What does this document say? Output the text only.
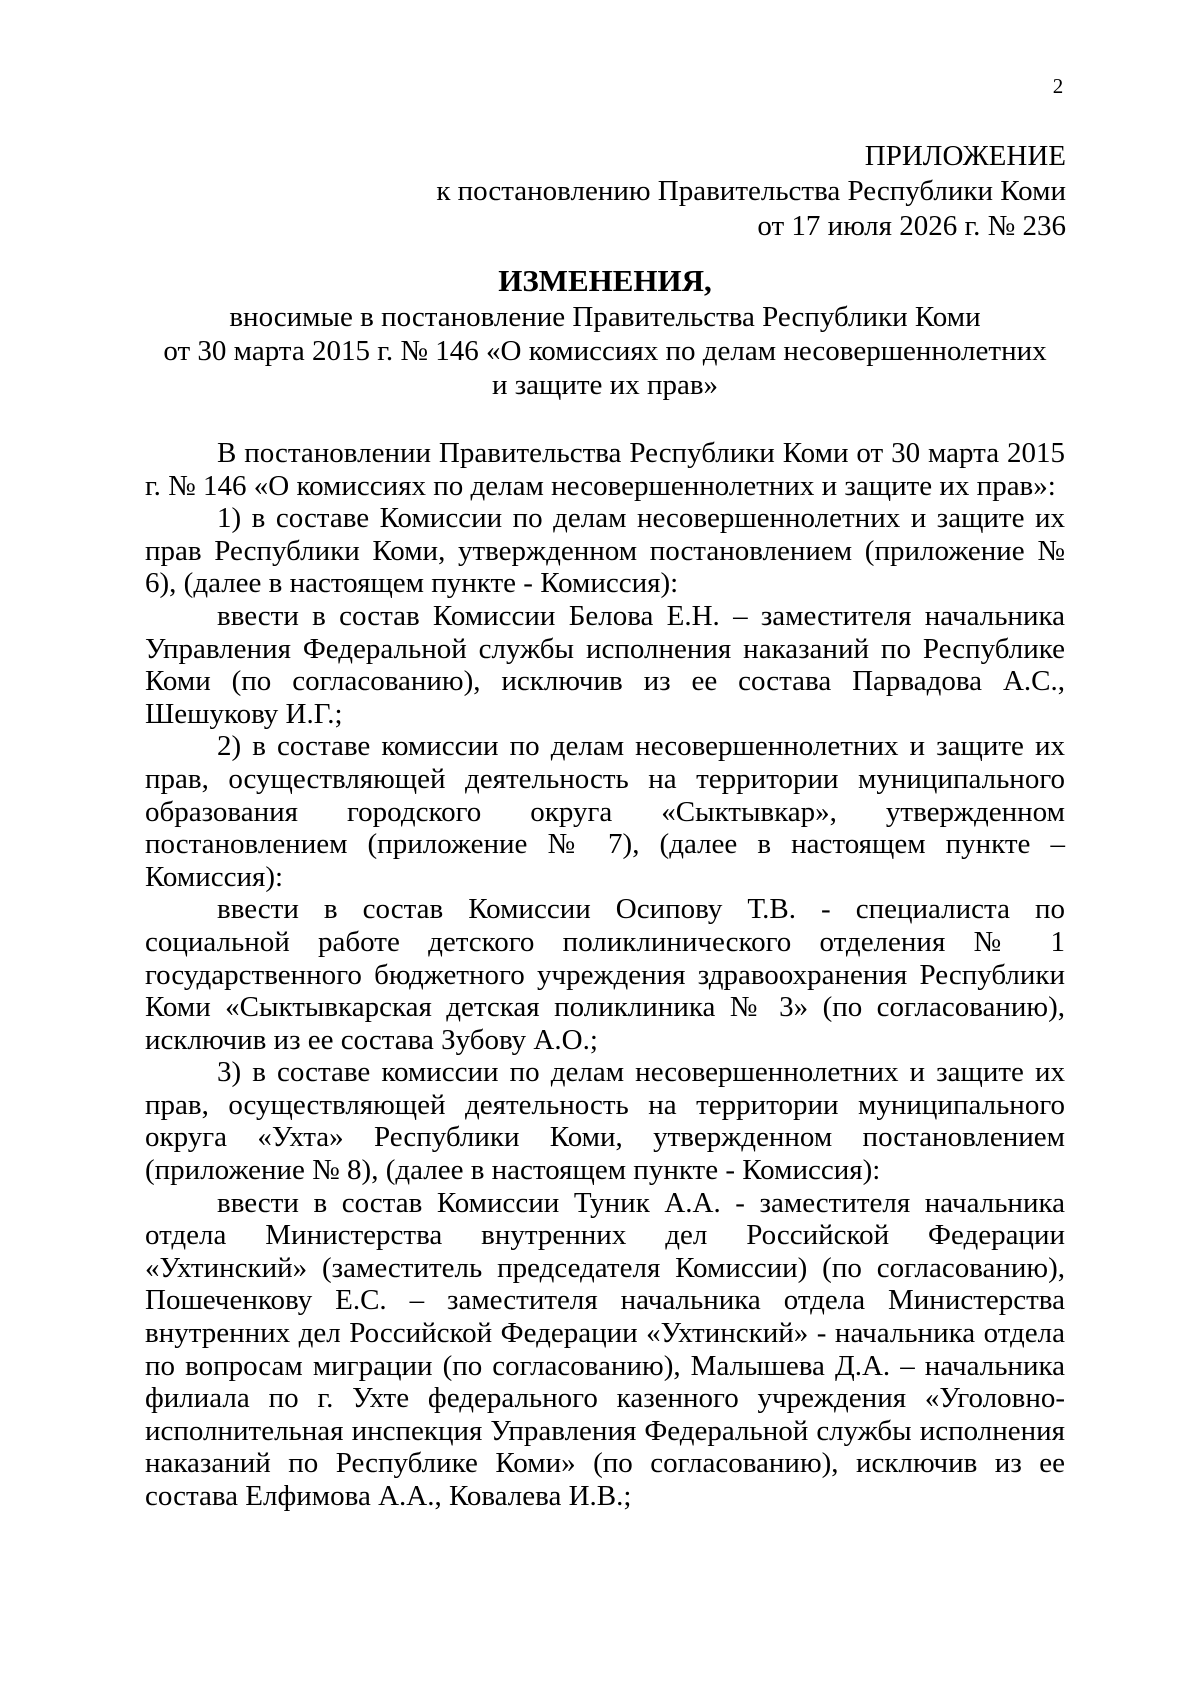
2
ПРИЛОЖЕНИЕ
к постановлению Правительства Республики Коми
от 17 июля 2026 г. № 236
ИЗМЕНЕНИЯ,
вносимые в постановление Правительства Республики Коми
от 30 марта 2015 г. № 146 «О комиссиях по делам несовершеннолетних
и защите их прав»

В постановлении Правительства Республики Коми от 30 марта 2015 г. № 146 «О комиссиях по делам несовершеннолетних и защите их прав»:

1) в составе Комиссии по делам несовершеннолетних и защите их прав Республики Коми, утвержденном постановлением (приложение № 6), (далее в настоящем пункте - Комиссия):

ввести в состав Комиссии Белова Е.Н. – заместителя начальника Управления Федеральной службы исполнения наказаний по Республике Коми (по согласованию), исключив из ее состава Парвадова А.С., Шешукову И.Г.;

2) в составе комиссии по делам несовершеннолетних и защите их прав, осуществляющей деятельность на территории муниципального образования городского округа «Сыктывкар», утвержденном постановлением (приложение № 7), (далее в настоящем пункте – Комиссия):

ввести в состав Комиссии Осипову Т.В. - специалиста по социальной работе детского поликлинического отделения № 1 государственного бюджетного учреждения здравоохранения Республики Коми «Сыктывкарская детская поликлиника № 3» (по согласованию), исключив из ее состава Зубову А.О.;

3) в составе комиссии по делам несовершеннолетних и защите их прав, осуществляющей деятельность на территории муниципального округа «Ухта» Республики Коми, утвержденном постановлением (приложение № 8), (далее в настоящем пункте - Комиссия):

ввести в состав Комиссии Туник А.А. - заместителя начальника отдела Министерства внутренних дел Российской Федерации «Ухтинский» (заместитель председателя Комиссии) (по согласованию), Пошеченкову Е.С. – заместителя начальника отдела Министерства внутренних дел Российской Федерации «Ухтинский» - начальника отдела по вопросам миграции (по согласованию), Малышева Д.А. – начальника филиала по г. Ухте федерального казенного учреждения «Уголовно-исполнительная инспекция Управления Федеральной службы исполнения наказаний по Республике Коми» (по согласованию), исключив из ее состава Елфимова А.А., Ковалева И.В.;
